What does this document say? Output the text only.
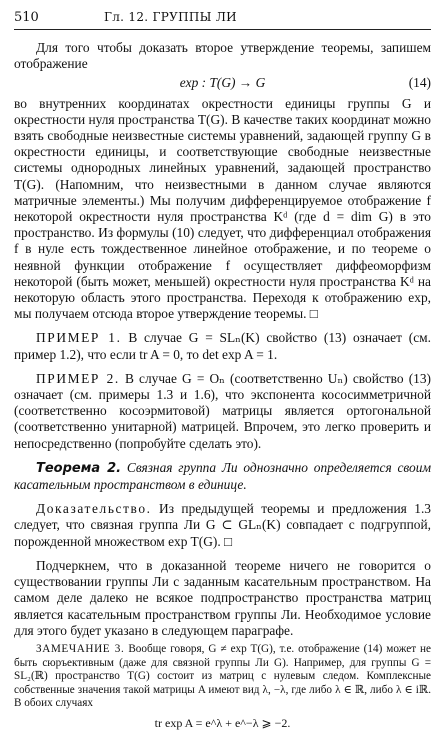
510	Гл. 12. ГРУППЫ ЛИ

Для того чтобы доказать второе утверждение теоремы, запишем отображение

exp : T(G) → G	(14)

во внутренних координатах окрестности единицы группы G и окрестности нуля пространства T(G). В качестве таких координат можно взять свободные неизвестные системы уравнений, задающей группу G в окрестности единицы, и соответствующие свободные неизвестные системы однородных линейных уравнений, задающей пространство T(G). (Напомним, что неизвестными в данном случае являются матричные элементы.) Мы получим дифференцируемое отображение f некоторой окрестности нуля пространства Kᵈ (где d = dim G) в это пространство. Из формулы (10) следует, что дифференциал отображения f в нуле есть тождественное линейное отображение, и по теореме о неявной функции отображение f осуществляет диффеоморфизм некоторой (быть может, меньшей) окрестности нуля пространства Kᵈ на некоторую область этого пространства. Переходя к отображению exp, мы получаем отсюда второе утверждение теоремы. □

ПРИМЕР 1. В случае G = SLₙ(K) свойство (13) означает (см. пример 1.2), что если tr A = 0, то det exp A = 1.

ПРИМЕР 2. В случае G = Oₙ (соответственно Uₙ) свойство (13) означает (см. примеры 1.3 и 1.6), что экспонента кососимметричной (соответственно косоэрмитовой) матрицы является ортогональной (соответственно унитарной) матрицей. Впрочем, это легко проверить и непосредственно (попробуйте сделать это).

Теорема 2. Связная группа Ли однозначно определяется своим касательным пространством в единице.

Доказательство. Из предыдущей теоремы и предложения 1.3 следует, что связная группа Ли G ⊂ GLₙ(K) совпадает с подгруппой, порожденной множеством exp T(G). □

Подчеркнем, что в доказанной теореме ничего не говорится о существовании группы Ли с заданным касательным пространством. На самом деле далеко не всякое подпространство пространства матриц является касательным пространством группы Ли. Необходимое условие для этого будет указано в следующем параграфе.

ЗАМЕЧАНИЕ 3. Вообще говоря, G ≠ exp T(G), т.е. отображение (14) может не быть сюръективным (даже для связной группы Ли G). Например, для группы G = SL₂(ℝ) пространство T(G) состоит из матриц с нулевым следом. Комплексные собственные значения такой матрицы A имеют вид λ, −λ, где либо λ ∈ ℝ, либо λ ∈ iℝ. В обоих случаях

tr exp A = e^λ + e^−λ ⩾ −2.
